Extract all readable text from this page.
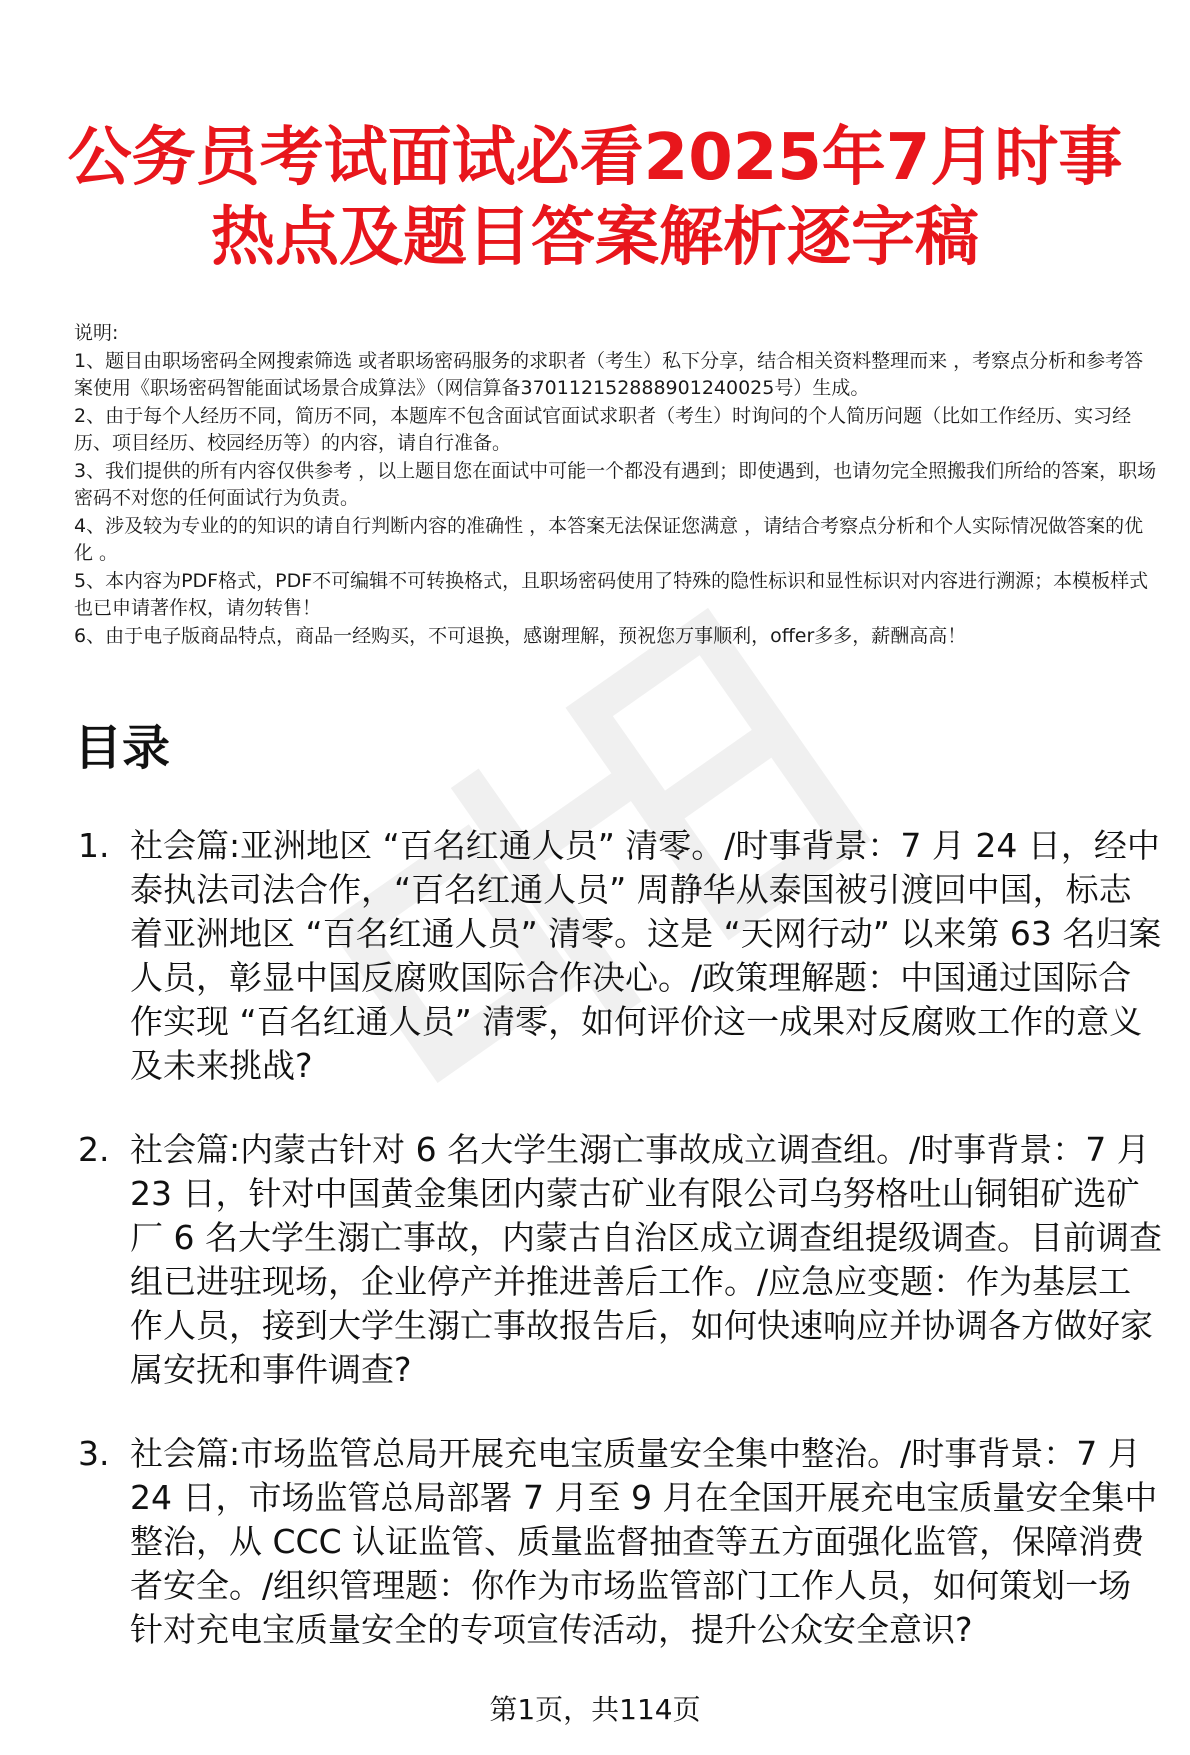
公务员考试面试必看2025年7月时事
热点及题目答案解析逐字稿

说明:

1、题目由职场密码全网搜索筛选 或者职场密码服务的求职者（考生）私下分享，结合相关资料整理而来 ，考察点分析和参考答案使用《职场密码智能面试场景合成算法》（网信算备370112152888901240025号）生成。

2、由于每个人经历不同，简历不同，本题库不包含面试官面试求职者（考生）时询问的个人简历问题（比如工作经历、实习经历、项目经历、校园经历等）的内容，请自行准备。

3、我们提供的所有内容仅供参考 ，以上题目您在面试中可能一个都没有遇到；即使遇到，也请勿完全照搬我们所给的答案，职场密码不对您的任何面试行为负责。

4、涉及较为专业的的知识的请自行判断内容的准确性 ，本答案无法保证您满意 ，请结合考察点分析和个人实际情况做答案的优化 。

5、本内容为PDF格式，PDF不可编辑不可转换格式，且职场密码使用了特殊的隐性标识和显性标识对内容进行溯源；本模板样式也已申请著作权，请勿转售！

6、由于电子版商品特点，商品一经购买，不可退换，感谢理解，预祝您万事顺利，offer多多，薪酬高高！

目录
1. 社会篇:亚洲地区 “百名红通人员” 清零。/时事背景：7 月 24 日，经中泰执法司法合作，“百名红通人员” 周静华从泰国被引渡回中国，标志着亚洲地区 “百名红通人员” 清零。这是 “天网行动” 以来第 63 名归案人员，彰显中国反腐败国际合作决心。/政策理解题：中国通过国际合作实现 “百名红通人员” 清零，如何评价这一成果对反腐败工作的意义及未来挑战?
2. 社会篇:内蒙古针对 6 名大学生溺亡事故成立调查组。/时事背景：7 月 23 日，针对中国黄金集团内蒙古矿业有限公司乌努格吐山铜钼矿选矿厂 6 名大学生溺亡事故，内蒙古自治区成立调查组提级调查。目前调查组已进驻现场，企业停产并推进善后工作。/应急应变题：作为基层工作人员，接到大学生溺亡事故报告后，如何快速响应并协调各方做好家属安抚和事件调查?
3. 社会篇:市场监管总局开展充电宝质量安全集中整治。/时事背景：7 月 24 日，市场监管总局部署 7 月至 9 月在全国开展充电宝质量安全集中整治，从 CCC 认证监管、质量监督抽查等五方面强化监管，保障消费者安全。/组织管理题：你作为市场监管部门工作人员，如何策划一场针对充电宝质量安全的专项宣传活动，提升公众安全意识?
第1页，共114页
